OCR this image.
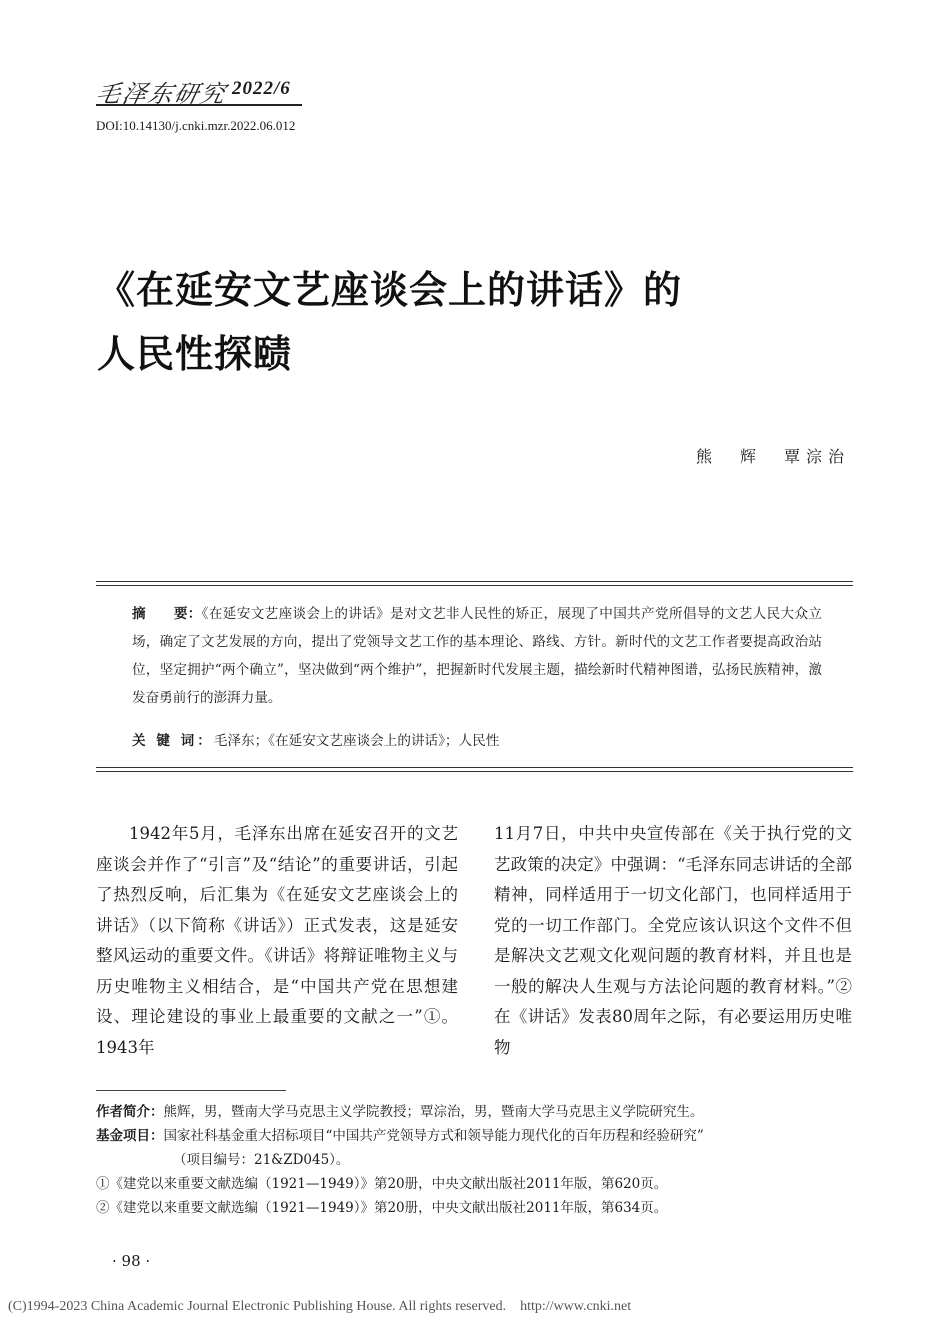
毛泽东研究 2022/6
DOI:10.14130/j.cnki.mzr.2022.06.012
《在延安文艺座谈会上的讲话》的
人民性探赜
熊　辉 覃淙治
摘　　要：《在延安文艺座谈会上的讲话》是对文艺非人民性的矫正，展现了中国共产党所倡导的文艺人民大众立场，确定了文艺发展的方向，提出了党领导文艺工作的基本理论、路线、方针。新时代的文艺工作者要提高政治站位，坚定拥护“两个确立”，坚决做到“两个维护”，把握新时代发展主题，描绘新时代精神图谱，弘扬民族精神，激发奋勇前行的澎湃力量。
关 键 词：毛泽东；《在延安文艺座谈会上的讲话》；人民性
1942年5月，毛泽东出席在延安召开的文艺座谈会并作了“引言”及“结论”的重要讲话，引起了热烈反响，后汇集为《在延安文艺座谈会上的讲话》（以下简称《讲话》）正式发表，这是延安整风运动的重要文件。《讲话》将辩证唯物主义与历史唯物主义相结合，是“中国共产党在思想建设、理论建设的事业上最重要的文献之一”①。1943年
11月7日，中共中央宣传部在《关于执行党的文艺政策的决定》中强调：“毛泽东同志讲话的全部精神，同样适用于一切文化部门，也同样适用于党的一切工作部门。全党应该认识这个文件不但是解决文艺观文化观问题的教育材料，并且也是一般的解决人生观与方法论问题的教育材料。”②在《讲话》发表80周年之际，有必要运用历史唯物
作者简介：熊辉，男，暨南大学马克思主义学院教授；覃淙治，男，暨南大学马克思主义学院研究生。
基金项目：国家社科基金重大招标项目“中国共产党领导方式和领导能力现代化的百年历程和经验研究”
（项目编号：21&ZD045）。
①《建党以来重要文献选编（1921—1949）》第20册，中央文献出版社2011年版，第620页。
②《建党以来重要文献选编（1921—1949）》第20册，中央文献出版社2011年版，第634页。
· 98 ·
(C)1994-2023 China Academic Journal Electronic Publishing House. All rights reserved. http://www.cnki.net
